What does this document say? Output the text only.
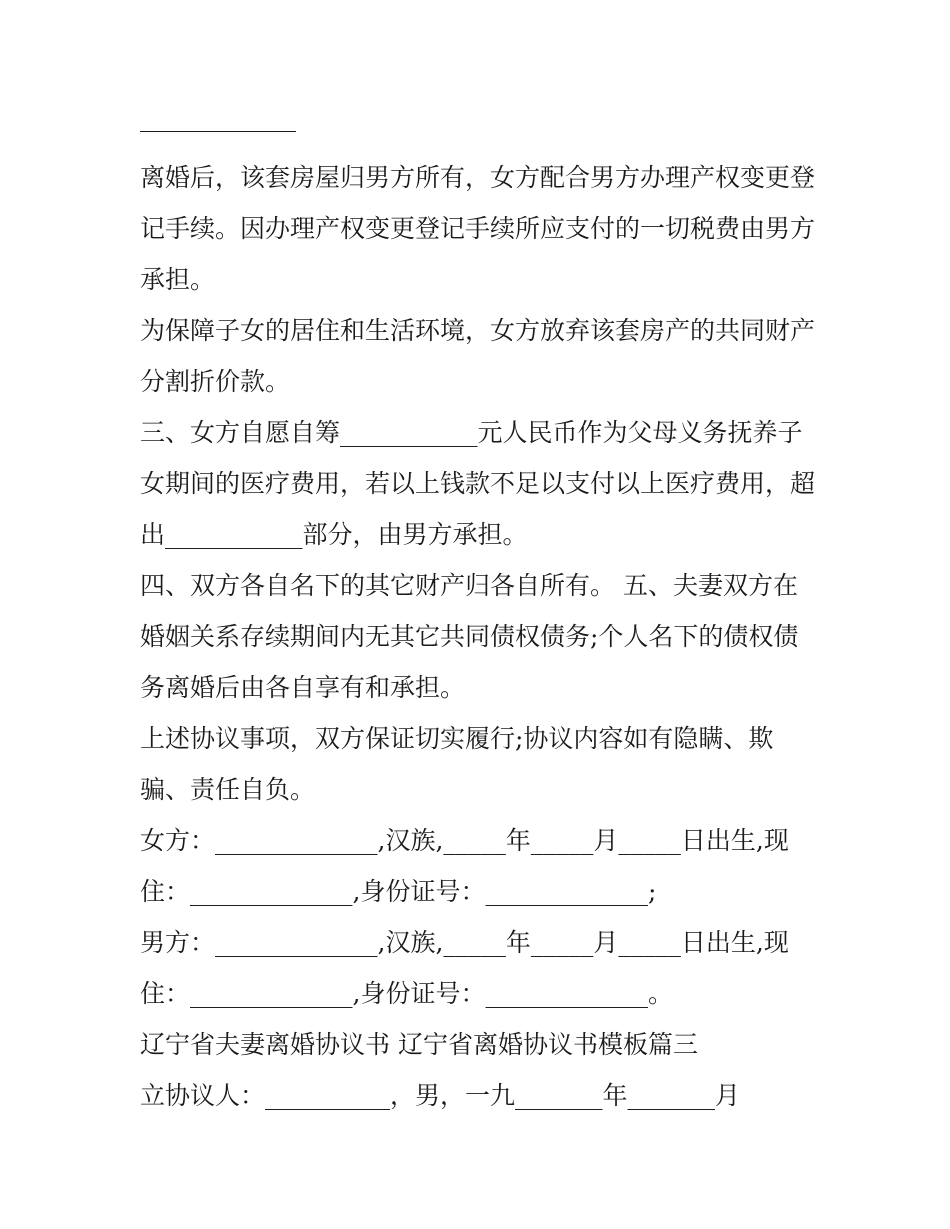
离婚后，该套房屋归男方所有，女方配合男方办理产权变更登
记手续。因办理产权变更登记手续所应支付的一切税费由男方
承担。
为保障子女的居住和生活环境，女方放弃该套房产的共同财产
分割折价款。
三、女方自愿自筹___________元人民币作为父母义务抚养子
女期间的医疗费用，若以上钱款不足以支付以上医疗费用，超
出___________部分，由男方承担。
四、双方各自名下的其它财产归各自所有。 五、夫妻双方在
婚姻关系存续期间内无其它共同债权债务;个人名下的债权债
务离婚后由各自享有和承担。
上述协议事项，双方保证切实履行;协议内容如有隐瞒、欺
骗、责任自负。
女方：_____________,汉族,_____年_____月_____日出生,现
住：_____________,身份证号：_____________;
男方：_____________,汉族,_____年_____月_____日出生,现
住：_____________,身份证号：_____________。
辽宁省夫妻离婚协议书 辽宁省离婚协议书模板篇三
立协议人：__________，男，一九_______年_______月
